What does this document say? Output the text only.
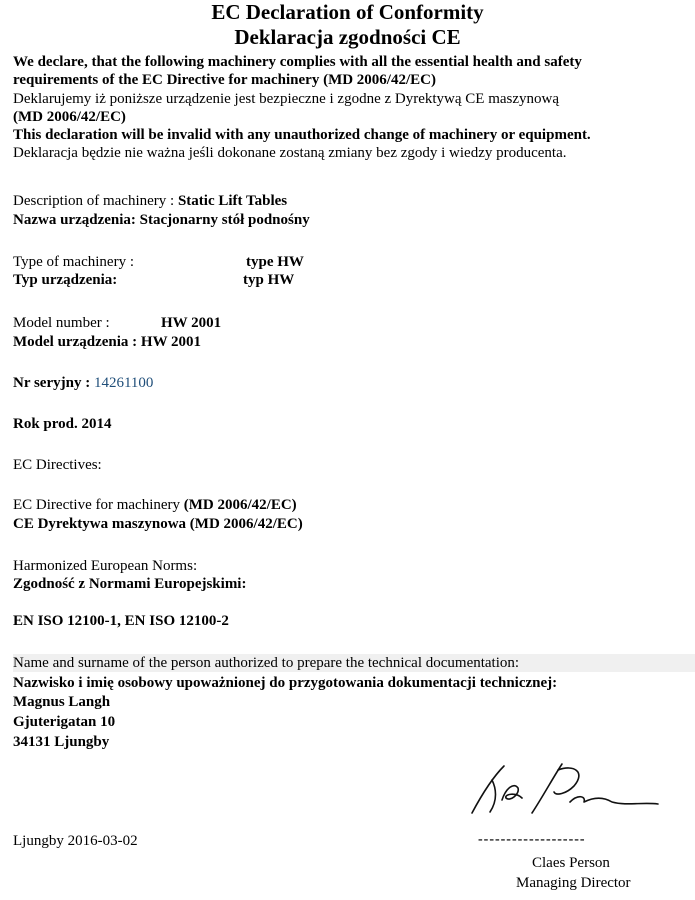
EC Declaration of Conformity
Deklaracja zgodności CE
We declare, that the following machinery complies with all the essential health and safety
requirements of the EC Directive for machinery (MD 2006/42/EC)
Deklarujemy iż poniższe urządzenie jest bezpieczne i zgodne z Dyrektywą CE maszynową
(MD 2006/42/EC)
This declaration will be invalid with any unauthorized change of machinery or equipment.
Deklaracja będzie nie ważna jeśli dokonane zostaną zmiany bez zgody i wiedzy producenta.
Description of machinery : Static Lift Tables
Nazwa urządzenia: Stacjonarny stół podnośny
Type of machinery :	type HW
Typ urządzenia:	typ HW
Model number :	HW 2001
Model urządzenia : HW 2001
Nr seryjny : 14261100
Rok prod. 2014
EC Directives:
EC Directive for machinery (MD 2006/42/EC)
CE Dyrektywa maszynowa (MD 2006/42/EC)
Harmonized European Norms:
Zgodność z Normami Europejskimi:
EN ISO 12100-1, EN ISO 12100-2
Name and surname of the person authorized to prepare the technical documentation:
Nazwisko i imię osobowy upoważnionej do przygotowania dokumentacji technicznej:
Magnus Langh
Gjuterigatan 10
34131 Ljungby
Ljungby 2016-03-02	-------------------
Claes Person
Managing Director
